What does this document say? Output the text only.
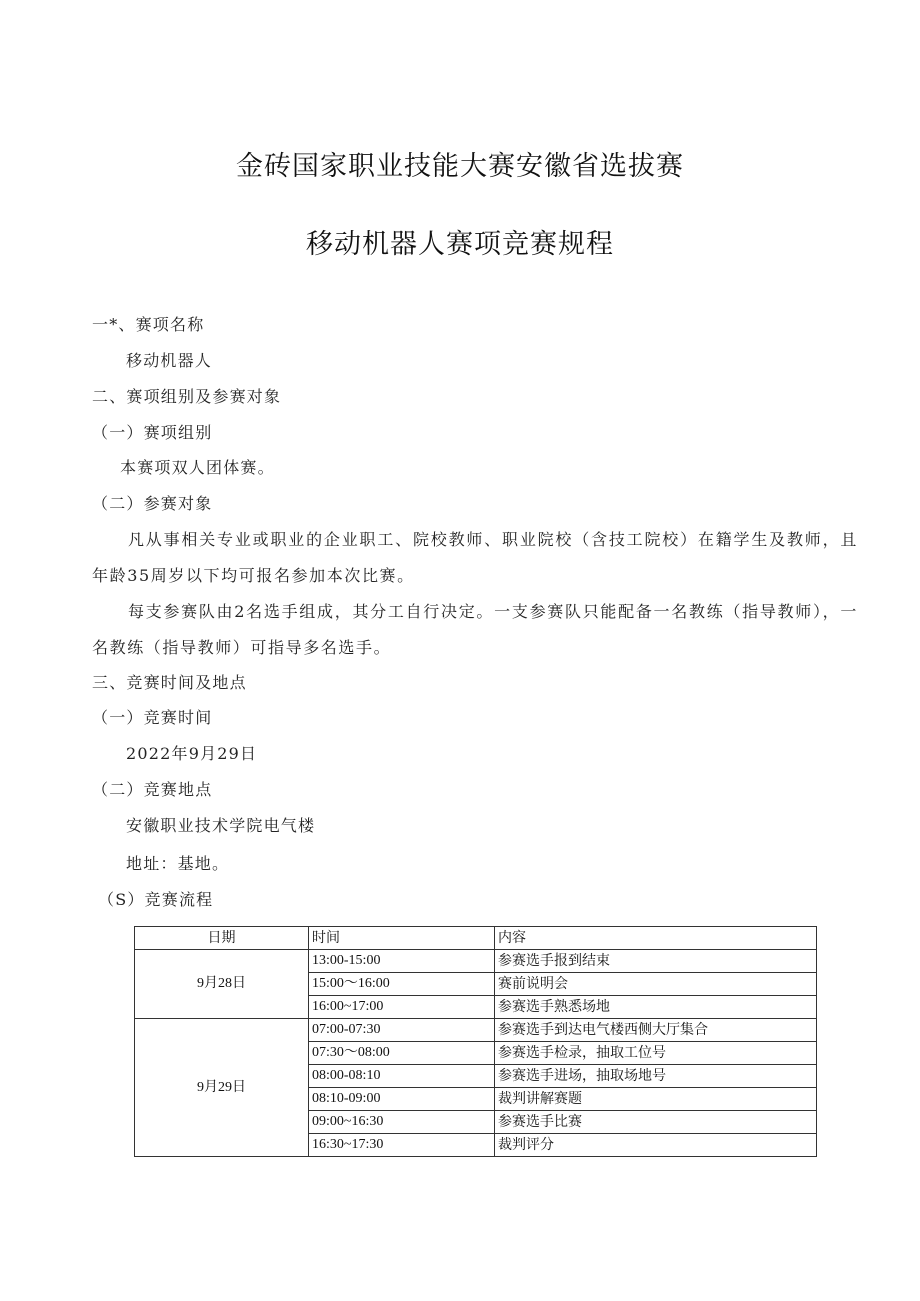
金砖国家职业技能大赛安徽省选拔赛
移动机器人赛项竞赛规程
一*、赛项名称
移动机器人
二、赛项组别及参赛对象
（一）赛项组别
本赛项双人团体赛。
（二）参赛对象
凡从事相关专业或职业的企业职工、院校教师、职业院校（含技工院校）在籍学生及教师，且年龄35周岁以下均可报名参加本次比赛。
每支参赛队由2名选手组成，其分工自行决定。一支参赛队只能配备一名教练（指导教师），一名教练（指导教师）可指导多名选手。
三、竞赛时间及地点
（一）竞赛时间
2022年9月29日
（二）竞赛地点
安徽职业技术学院电气楼
地址：基地。
（S）竞赛流程
日期	时间	内容
9月28日	13:00-15:00	参赛选手报到结束
	15:00～16:00	赛前说明会
	16:00~17:00	参赛选手熟悉场地
9月29日	07:00-07:30	参赛选手到达电气楼西侧大厅集合
	07:30～08:00	参赛选手检录，抽取工位号
	08:00-08:10	参赛选手进场，抽取场地号
	08:10-09:00	裁判讲解赛题
	09:00~16:30	参赛选手比赛
	16:30~17:30	裁判评分
